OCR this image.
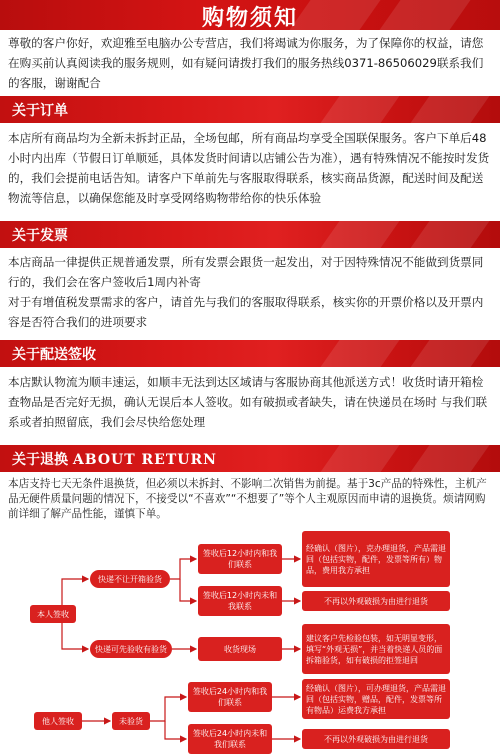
购物须知
尊敬的客户你好，欢迎雅至电脑办公专营店，我们将竭诚为你服务，为了保障你的权益，请您在购买前认真阅读我的服务规则，如有疑问请拨打我们的服务热线0371-86506029联系我们的客服，谢谢配合
关于订单
本店所有商品均为全新未拆封正品，全场包邮，所有商品均享受全国联保服务。客户下单后48小时内出库（节假日订单顺延，具体发货时间请以店铺公告为准），遇有特殊情况不能按时发货的，我们会提前电话告知。请客户下单前先与客服取得联系，核实商品货源，配送时间及配送物流等信息，以确保您能及时享受网络购物带给你的快乐体验
关于发票
本店商品一律提供正规普通发票，所有发票会跟货一起发出，对于因特殊情况不能做到货票同行的，我们会在客户签收后1周内补寄
对于有增值税发票需求的客户，请首先与我们的客服取得联系，核实你的开票价格以及开票内容是否符合我们的进项要求
关于配送签收
本店默认物流为顺丰速运，如顺丰无法到达区域请与客服协商其他派送方式！收货时请开箱检查物品是否完好无损，确认无误后本人签收。如有破损或者缺失，请在快递员在场时 与我们联系或者拍照留底，我们会尽快给您处理
关于退换 ABOUT RETURN
本店支持七天无条件退换货，但必须以未拆封、不影响二次销售为前提。基于3c产品的特殊性，主机产品无硬件质量问题的情况下，不接受以“不喜欢”“不想要了”等个人主观原因而申请的退换货。烦请网购前详细了解产品性能，谨慎下单。
本人签收
快递不让开箱验货
快递可先验收有验货
签收后12小时内和我们联系
签收后12小时内未和我联系
收货现场
经确认（图片），克办理退货，产品需退回（包括实物，配件，发票等所有）物品，费用我方承担
不再以外观破损为由进行退货
建议客户先检验包装，如无明显变形，填写“外观无损”，并当着快递人员的面拆箱验货，如有破损的拒签退回
他人签收	未验货
签收后24小时内和我们联系
签收后24小时内未和我们联系
经确认（图片），可办理退货，产品需退回（包括实物，赠品，配件，发票等所有物品）运费我方承担
不再以外观破损为由进行退货
